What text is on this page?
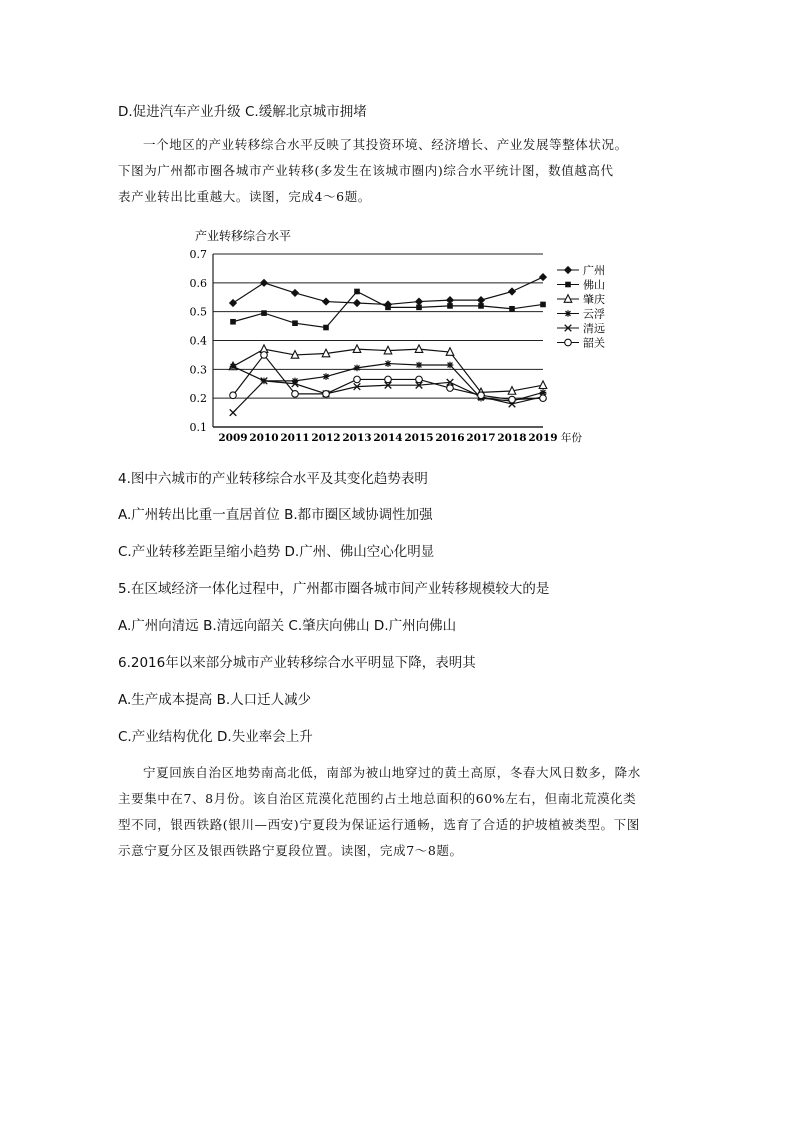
D.促进汽车产业升级 C.缓解北京城市拥堵

一个地区的产业转移综合水平反映了其投资环境、经济增长、产业发展等整体状况。

下图为广州都市圈各城市产业转移(多发生在该城市圈内)综合水平统计图，数值越高代

表产业转出比重越大。读图，完成4～6题。

产业转移综合水平
0.1
0.2
0.3
0.4
0.5
0.6
0.7
2009 2010 2011 2012 2013 2014 2015 2016 2017 2018 2019 年份
广州
佛山
肇庆
云浮
清远
韶关
4.图中六城市的产业转移综合水平及其变化趋势表明
A.广州转出比重一直居首位 B.都市圈区域协调性加强
C.产业转移差距呈缩小趋势 D.广州、佛山空心化明显
5.在区域经济一体化过程中，广州都市圈各城市间产业转移规模较大的是
A.广州向清远 B.清远向韶关 C.肇庆向佛山 D.广州向佛山
6.2016年以来部分城市产业转移综合水平明显下降，表明其
A.生产成本提高 B.人口迁人减少
C.产业结构优化 D.失业率会上升

宁夏回族自治区地势南高北低，南部为被山地穿过的黄土高原，冬春大风日数多，降水

主要集中在7、8月份。该自治区荒漠化范围约占土地总面积的60%左右，但南北荒漠化类

型不同，银西铁路(银川—西安)宁夏段为保证运行通畅，选育了合适的护坡植被类型。下图

示意宁夏分区及银西铁路宁夏段位置。读图，完成7～8题。
